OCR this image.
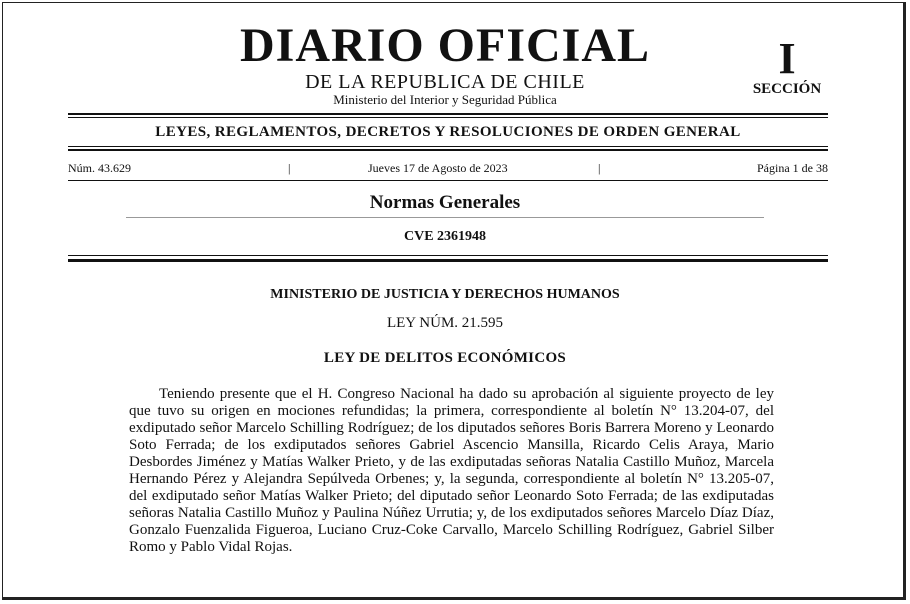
DIARIO OFICIAL
DE LA REPUBLICA DE CHILE
Ministerio del Interior y Seguridad Pública
I
SECCIÓN
LEYES, REGLAMENTOS, DECRETOS Y RESOLUCIONES DE ORDEN GENERAL
Núm. 43.629	|	Jueves 17 de Agosto de 2023	|	Página 1 de 38
Normas Generales
CVE 2361948
MINISTERIO DE JUSTICIA Y DERECHOS HUMANOS
LEY NÚM. 21.595
LEY DE DELITOS ECONÓMICOS

Teniendo presente que el H. Congreso Nacional ha dado su aprobación al siguiente proyecto de ley que tuvo su origen en mociones refundidas; la primera, correspondiente al boletín N° 13.204-07, del exdiputado señor Marcelo Schilling Rodríguez; de los diputados señores Boris Barrera Moreno y Leonardo Soto Ferrada; de los exdiputados señores Gabriel Ascencio Mansilla, Ricardo Celis Araya, Mario Desbordes Jiménez y Matías Walker Prieto, y de las exdiputadas señoras Natalia Castillo Muñoz, Marcela Hernando Pérez y Alejandra Sepúlveda Orbenes; y, la segunda, correspondiente al boletín N° 13.205-07, del exdiputado señor Matías Walker Prieto; del diputado señor Leonardo Soto Ferrada; de las exdiputadas señoras Natalia Castillo Muñoz y Paulina Núñez Urrutia; y, de los exdiputados señores Marcelo Díaz Díaz, Gonzalo Fuenzalida Figueroa, Luciano Cruz-Coke Carvallo, Marcelo Schilling Rodríguez, Gabriel Silber Romo y Pablo Vidal Rojas.
